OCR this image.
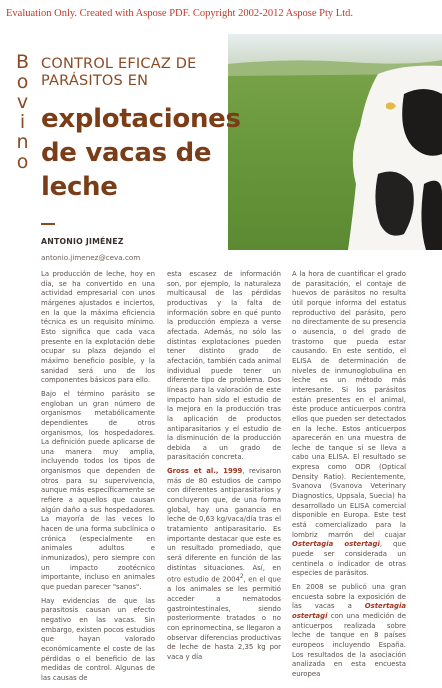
Evaluation Only. Created with Aspose PDF. Copyright 2002-2012 Aspose Pty Ltd.
B
o
v
i
n
o
CONTROL EFICAZ DE
PARÁSITOS EN
explotaciones
de vacas de
leche
ANTONIO JIMÉNEZ
antonio.jimenez@ceva.com

La producción de leche, hoy en día, se ha convertido en una actividad empresarial con unos márgenes ajustados e inciertos, en la que la máxima eficiencia técnica es un requisito mínimo. Esto significa que cada vaca presente en la explotación debe ocupar su plaza dejando el máximo beneficio posible, y la sanidad será uno de los componentes básicos para ello.

Bajo el término parásito se engloban un gran número de organismos metabólicamente dependientes de otros organismos, los hospedadores. La definición puede aplicarse de una manera muy amplia, incluyendo todos los tipos de organismos que dependen de otros para su supervivencia, aunque más específicamente se refiere a aquellos que causan algún daño a sus hospedadores. La mayoría de las veces lo hacen de una forma subclínica o crónica (especialmente en animales adultos e inmunizados), pero siempre con un impacto zootécnico importante, incluso en animales que puedan parecer "sanos".

Hay evidencias de que las parasitosis causan un efecto negativo en las vacas. Sin embargo, existen pocos estudios que hayan valorado económicamente el coste de las pérdidas o el beneficio de las medidas de control. Algunas de las causas de

esta escasez de información son, por ejemplo, la naturaleza multicausal de las pérdidas productivas y la falta de información sobre en qué punto la producción empieza a verse afectada. Además, no sólo las distintas explotaciones pueden tener distinto grado de afectación, también cada animal individual puede tener un diferente tipo de problema. Dos líneas para la valoración de este impacto han sido el estudio de la mejora en la producción tras la aplicación de productos antiparasitarios y el estudio de la disminución de la producción debida a un grado de parasitación concreta.

Gross et al., 1999, revisaron más de 80 estudios de campo con diferentes antiparasitarios y concluyeron que, de una forma global, hay una ganancia en leche de 0,63 kg/vaca/día tras el tratamiento antiparasitario. Es importante destacar que este es un resultado promediado, que será diferente en función de las distintas situaciones. Así, en otro estudio de 2004$^2$, en el que a los animales se les permitió acceder a nematodos gastrointestinales, siendo posteriormente tratados o no con eprinomectina, se llegaron a observar diferencias productivas de leche de hasta 2,35 kg por vaca y día

A la hora de cuantificar el grado de parasitación, el contaje de huevos de parásitos no resulta útil porque informa del estatus reproductivo del parásito, pero no directamente de su presencia o ausencia, o del grado de trastorno que pueda estar causando. En este sentido, el ELISA de determinación de niveles de inmunoglobulina en leche es un método más interesante. Si los parásitos están presentes en el animal, éste produce anticuerpos contra ellos que pueden ser detectados en la leche. Estos anticuerpos aparecerán en una muestra de leche de tanque si se lleva a cabo una ELISA. El resultado se expresa como ODR (Optical Density Ratio). Recientemente, Svanova (Svanova Veterinary Diagnostics, Uppsala, Suecia) ha desarrollado un ELISA comercial disponible en Europa. Este test está comercializado para la lombriz marrón del cuajar Ostertagia ostertagi, que puede ser considerada un centinela o indicador de otras especies de parásitos.

En 2008 se publicó una gran encuesta sobre la exposición de las vacas a Ostertagia ostertagi con una medición de anticuerpos realizada sobre leche de tanque en 8 países europeos incluyendo España. Los resultados de la asociación analizada en esta encuesta europea
